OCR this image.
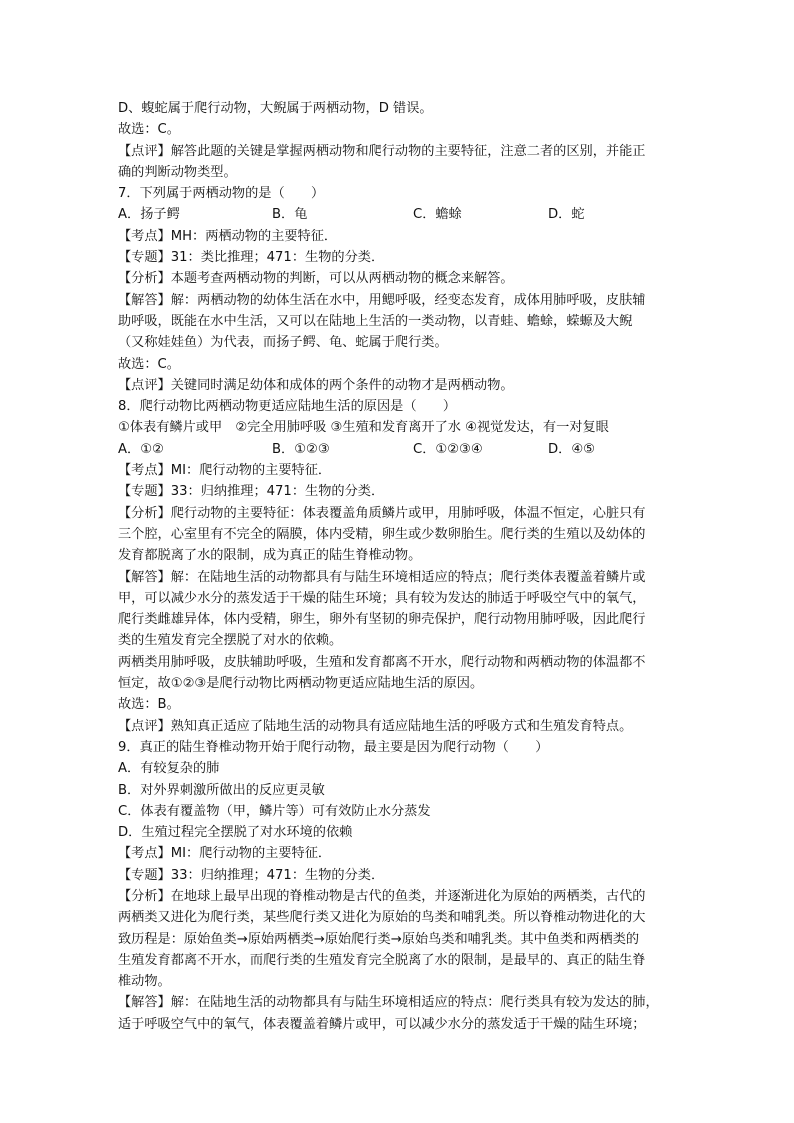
D、蝮蛇属于爬行动物，大鲵属于两栖动物，D 错误。
故选：C。
【点评】解答此题的关键是掌握两栖动物和爬行动物的主要特征，注意二者的区别，并能正
确的判断动物类型。
7．下列属于两栖动物的是（　　）
A．扬子鳄	B．龟	C．蟾蜍	D．蛇
【考点】MH：两栖动物的主要特征．
【专题】31：类比推理；471：生物的分类．
【分析】本题考查两栖动物的判断，可以从两栖动物的概念来解答。
【解答】解：两栖动物的幼体生活在水中，用鳃呼吸，经变态发育，成体用肺呼吸，皮肤辅
助呼吸，既能在水中生活，又可以在陆地上生活的一类动物，以青蛙、蟾蜍，蝾螈及大鲵
（又称娃娃鱼）为代表，而扬子鳄、龟、蛇属于爬行类。
故选：C。
【点评】关键同时满足幼体和成体的两个条件的动物才是两栖动物。
8．爬行动物比两栖动物更适应陆地生活的原因是（　　）
①体表有鳞片或甲　②完全用肺呼吸 ③生殖和发育离开了水 ④视觉发达，有一对复眼
A．①②	B．①②③	C．①②③④	D．④⑤
【考点】MI：爬行动物的主要特征．
【专题】33：归纳推理；471：生物的分类．
【分析】爬行动物的主要特征：体表覆盖角质鳞片或甲，用肺呼吸，体温不恒定，心脏只有
三个腔，心室里有不完全的隔膜，体内受精，卵生或少数卵胎生。爬行类的生殖以及幼体的
发育都脱离了水的限制，成为真正的陆生脊椎动物。
【解答】解：在陆地生活的动物都具有与陆生环境相适应的特点；爬行类体表覆盖着鳞片或
甲，可以减少水分的蒸发适于干燥的陆生环境；具有较为发达的肺适于呼吸空气中的氧气，
爬行类雌雄异体，体内受精，卵生，卵外有坚韧的卵壳保护，爬行动物用肺呼吸，因此爬行
类的生殖发育完全摆脱了对水的依赖。
两栖类用肺呼吸，皮肤辅助呼吸，生殖和发育都离不开水，爬行动物和两栖动物的体温都不
恒定，故①②③是爬行动物比两栖动物更适应陆地生活的原因。
故选：B。
【点评】熟知真正适应了陆地生活的动物具有适应陆地生活的呼吸方式和生殖发育特点。
9．真正的陆生脊椎动物开始于爬行动物，最主要是因为爬行动物（　　）
A．有较复杂的肺
B．对外界刺激所做出的反应更灵敏
C．体表有覆盖物（甲，鳞片等）可有效防止水分蒸发
D．生殖过程完全摆脱了对水环境的依赖
【考点】MI：爬行动物的主要特征．
【专题】33：归纳推理；471：生物的分类．
【分析】在地球上最早出现的脊椎动物是古代的鱼类，并逐渐进化为原始的两栖类，古代的
两栖类又进化为爬行类，某些爬行类又进化为原始的鸟类和哺乳类。所以脊椎动物进化的大
致历程是：原始鱼类→原始两栖类→原始爬行类→原始鸟类和哺乳类。其中鱼类和两栖类的
生殖发育都离不开水，而爬行类的生殖发育完全脱离了水的限制，是最早的、真正的陆生脊
椎动物。
【解答】解：在陆地生活的动物都具有与陆生环境相适应的特点：爬行类具有较为发达的肺，
适于呼吸空气中的氧气，体表覆盖着鳞片或甲，可以减少水分的蒸发适于干燥的陆生环境；
